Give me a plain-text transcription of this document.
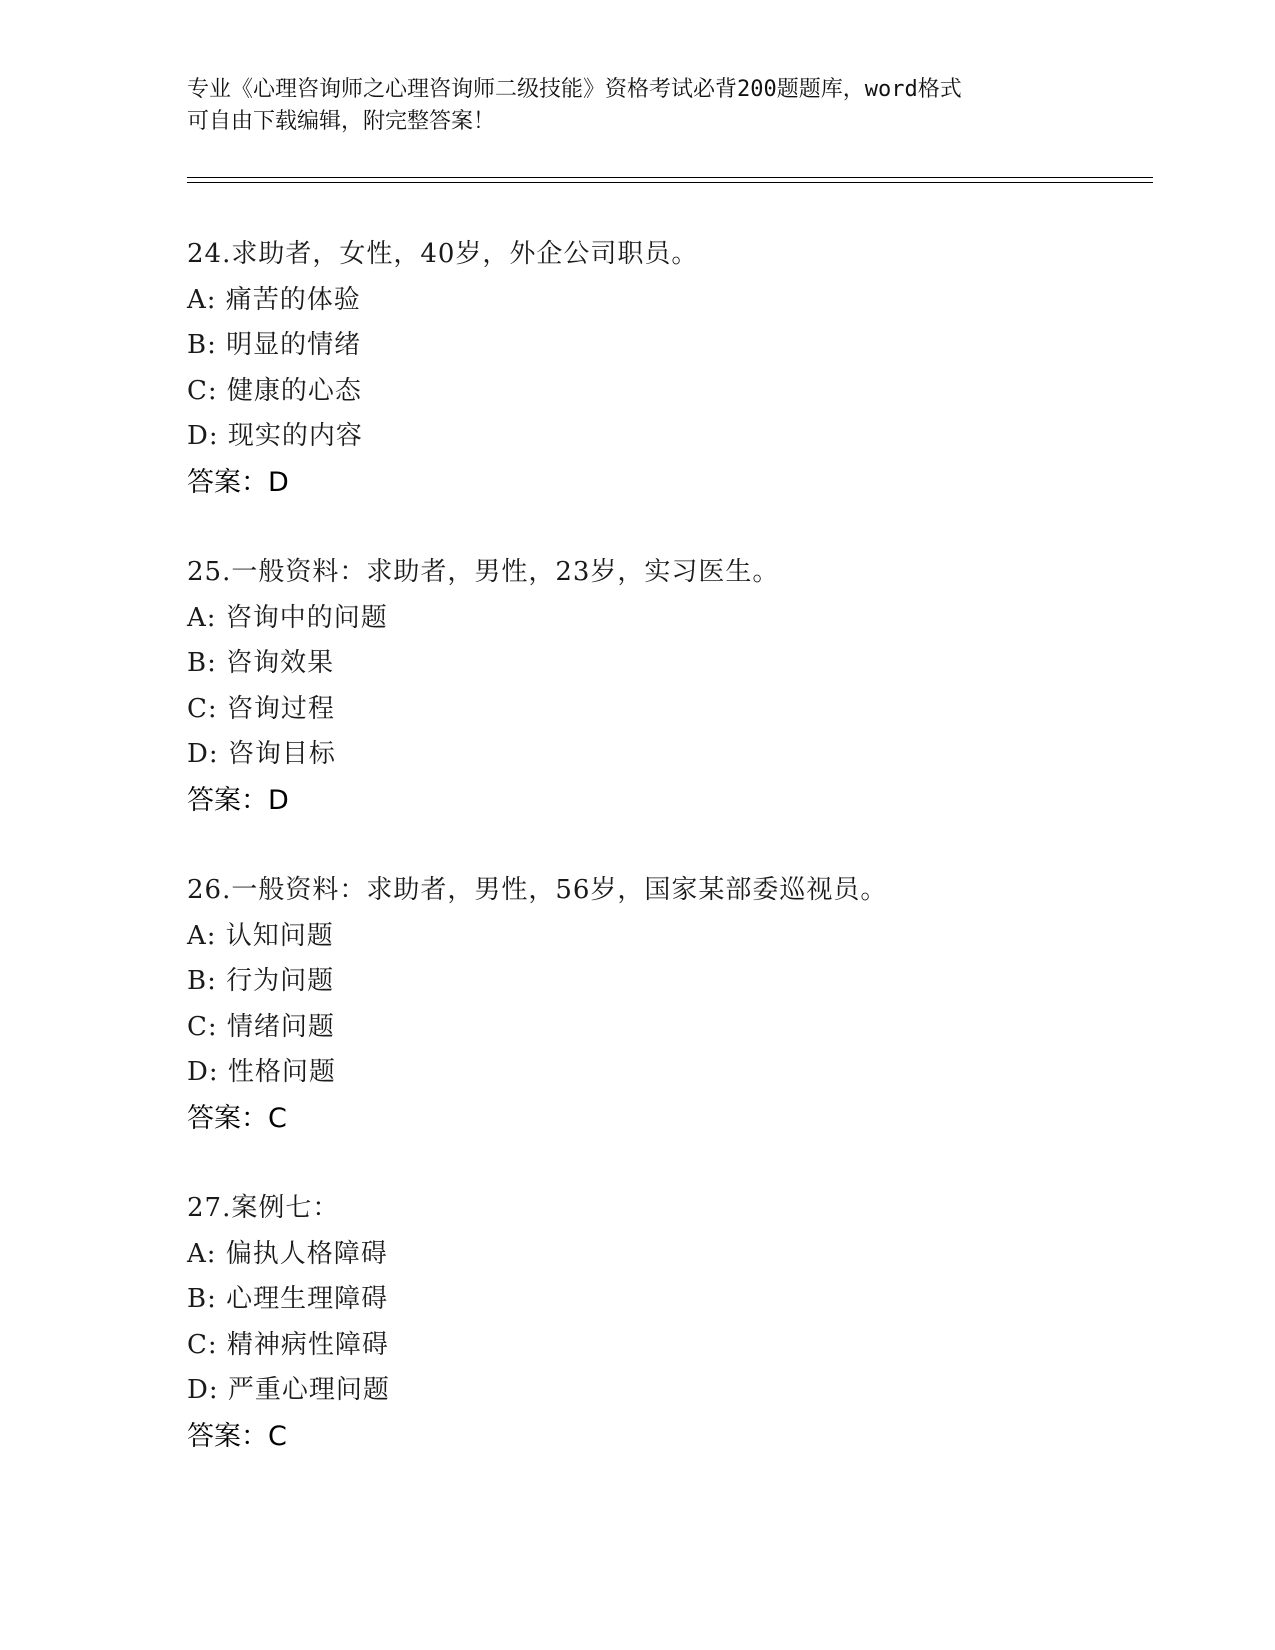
专业《心理咨询师之心理咨询师二级技能》资格考试必背200题题库，word格式
可自由下载编辑，附完整答案！
24.求助者，女性，40岁，外企公司职员。
A: 痛苦的体验
B: 明显的情绪
C: 健康的心态
D: 现实的内容
答案：D
25.一般资料：求助者，男性，23岁，实习医生。
A: 咨询中的问题
B: 咨询效果
C: 咨询过程
D: 咨询目标
答案：D
26.一般资料：求助者，男性，56岁，国家某部委巡视员。
A: 认知问题
B: 行为问题
C: 情绪问题
D: 性格问题
答案：C
27.案例七：
A: 偏执人格障碍
B: 心理生理障碍
C: 精神病性障碍
D: 严重心理问题
答案：C
